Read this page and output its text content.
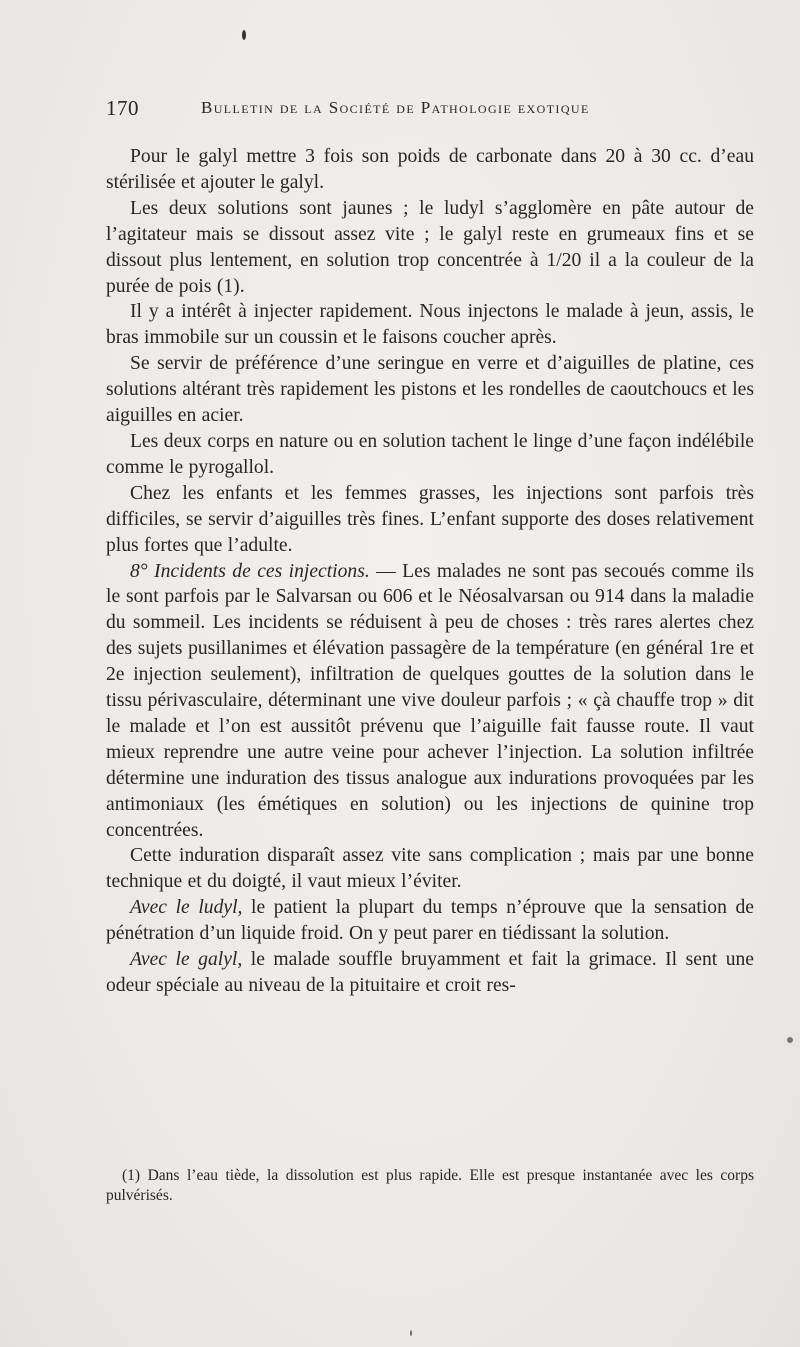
170	Bulletin de la Société de Pathologie exotique

Pour le galyl mettre 3 fois son poids de carbonate dans 20 à 30 cc. d’eau stérilisée et ajouter le galyl.

Les deux solutions sont jaunes ; le ludyl s’agglomère en pâte autour de l’agitateur mais se dissout assez vite ; le galyl reste en grumeaux fins et se dissout plus lentement, en solution trop concentrée à 1/20 il a la couleur de la purée de pois (1).

Il y a intérêt à injecter rapidement. Nous injectons le malade à jeun, assis, le bras immobile sur un coussin et le faisons coucher après.

Se servir de préférence d’une seringue en verre et d’aiguilles de platine, ces solutions altérant très rapidement les pistons et les rondelles de caoutchoucs et les aiguilles en acier.

Les deux corps en nature ou en solution tachent le linge d’une façon indélébile comme le pyrogallol.

Chez les enfants et les femmes grasses, les injections sont parfois très difficiles, se servir d’aiguilles très fines. L’enfant supporte des doses relativement plus fortes que l’adulte.

8° Incidents de ces injections. — Les malades ne sont pas secoués comme ils le sont parfois par le Salvarsan ou 606 et le Néosalvarsan ou 914 dans la maladie du sommeil. Les incidents se réduisent à peu de choses : très rares alertes chez des sujets pusillanimes et élévation passagère de la température (en général 1re et 2e injection seulement), infiltration de quelques gouttes de la solution dans le tissu périvasculaire, déterminant une vive douleur parfois ; « çà chauffe trop » dit le malade et l’on est aussitôt prévenu que l’aiguille fait fausse route. Il vaut mieux reprendre une autre veine pour achever l’injection. La solution infiltrée détermine une induration des tissus analogue aux indurations provoquées par les antimoniaux (les émétiques en solution) ou les injections de quinine trop concentrées.

Cette induration disparaît assez vite sans complication ; mais par une bonne technique et du doigté, il vaut mieux l’éviter.

Avec le ludyl, le patient la plupart du temps n’éprouve que la sensation de pénétration d’un liquide froid. On y peut parer en tiédissant la solution.

Avec le galyl, le malade souffle bruyamment et fait la grimace. Il sent une odeur spéciale au niveau de la pituitaire et croit res-

(1) Dans l’eau tiède, la dissolution est plus rapide. Elle est presque instantanée avec les corps pulvérisés.
